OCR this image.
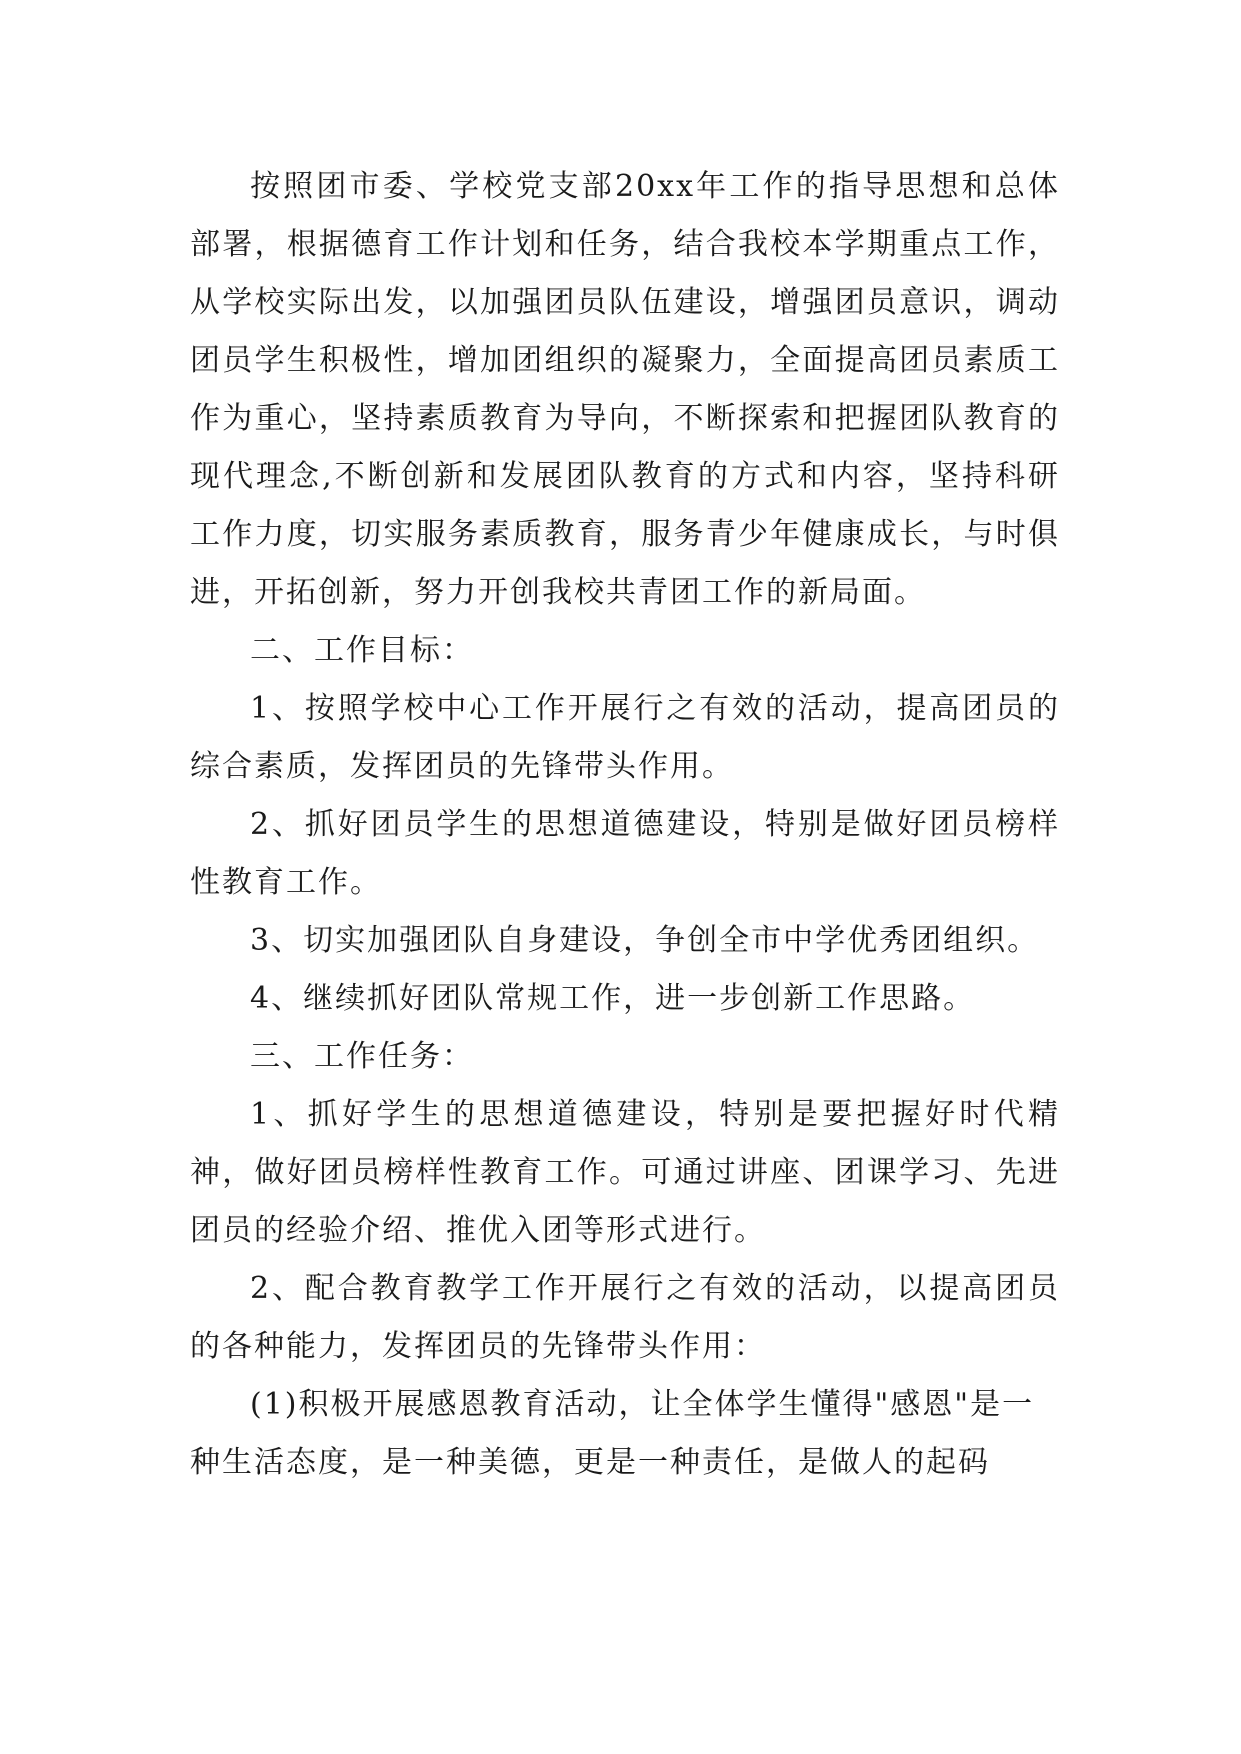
按照团市委、学校党支部20xx年工作的指导思想和总体部署，根据德育工作计划和任务，结合我校本学期重点工作，从学校实际出发，以加强团员队伍建设，增强团员意识，调动团员学生积极性，增加团组织的凝聚力，全面提高团员素质工作为重心，坚持素质教育为导向，不断探索和把握团队教育的现代理念,不断创新和发展团队教育的方式和内容，坚持科研工作力度，切实服务素质教育，服务青少年健康成长，与时俱进，开拓创新，努力开创我校共青团工作的新局面。

二、工作目标：

1、按照学校中心工作开展行之有效的活动，提高团员的综合素质，发挥团员的先锋带头作用。

2、抓好团员学生的思想道德建设，特别是做好团员榜样性教育工作。

3、切实加强团队自身建设，争创全市中学优秀团组织。

4、继续抓好团队常规工作，进一步创新工作思路。

三、工作任务：

1、抓好学生的思想道德建设，特别是要把握好时代精神，做好团员榜样性教育工作。可通过讲座、团课学习、先进团员的经验介绍、推优入团等形式进行。

2、配合教育教学工作开展行之有效的活动，以提高团员的各种能力，发挥团员的先锋带头作用：

(1)积极开展感恩教育活动，让全体学生懂得"感恩"是一种生活态度，是一种美德，更是一种责任，是做人的起码
